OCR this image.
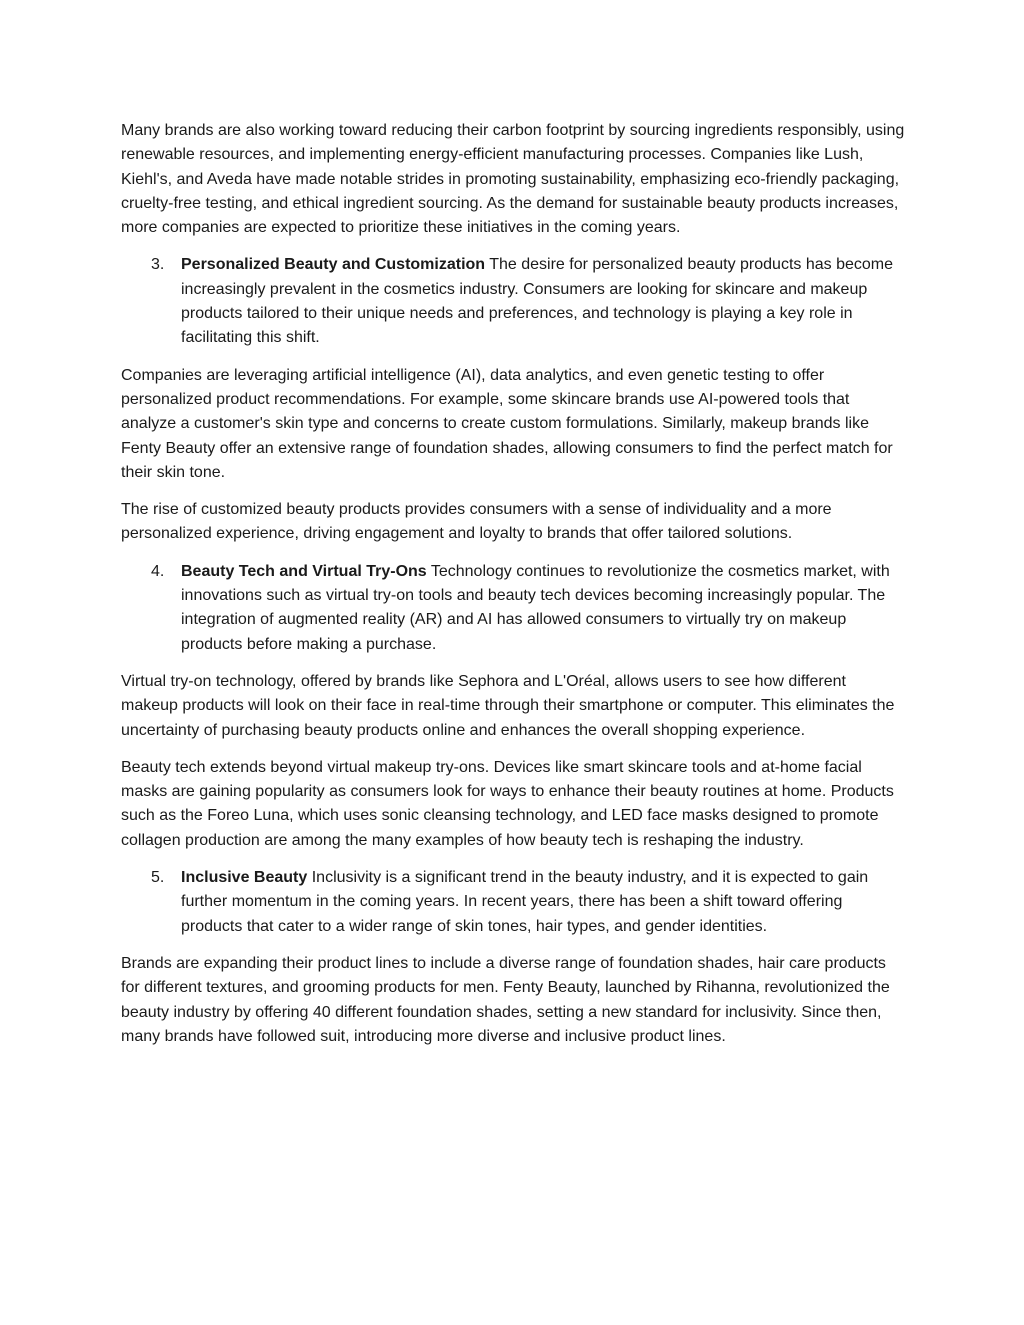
Many brands are also working toward reducing their carbon footprint by sourcing ingredients responsibly, using renewable resources, and implementing energy-efficient manufacturing processes. Companies like Lush, Kiehl's, and Aveda have made notable strides in promoting sustainability, emphasizing eco-friendly packaging, cruelty-free testing, and ethical ingredient sourcing. As the demand for sustainable beauty products increases, more companies are expected to prioritize these initiatives in the coming years.

3. Personalized Beauty and Customization The desire for personalized beauty products has become increasingly prevalent in the cosmetics industry. Consumers are looking for skincare and makeup products tailored to their unique needs and preferences, and technology is playing a key role in facilitating this shift.

Companies are leveraging artificial intelligence (AI), data analytics, and even genetic testing to offer personalized product recommendations. For example, some skincare brands use AI-powered tools that analyze a customer's skin type and concerns to create custom formulations. Similarly, makeup brands like Fenty Beauty offer an extensive range of foundation shades, allowing consumers to find the perfect match for their skin tone.

The rise of customized beauty products provides consumers with a sense of individuality and a more personalized experience, driving engagement and loyalty to brands that offer tailored solutions.

4. Beauty Tech and Virtual Try-Ons Technology continues to revolutionize the cosmetics market, with innovations such as virtual try-on tools and beauty tech devices becoming increasingly popular. The integration of augmented reality (AR) and AI has allowed consumers to virtually try on makeup products before making a purchase.

Virtual try-on technology, offered by brands like Sephora and L'Oréal, allows users to see how different makeup products will look on their face in real-time through their smartphone or computer. This eliminates the uncertainty of purchasing beauty products online and enhances the overall shopping experience.

Beauty tech extends beyond virtual makeup try-ons. Devices like smart skincare tools and at-home facial masks are gaining popularity as consumers look for ways to enhance their beauty routines at home. Products such as the Foreo Luna, which uses sonic cleansing technology, and LED face masks designed to promote collagen production are among the many examples of how beauty tech is reshaping the industry.

5. Inclusive Beauty Inclusivity is a significant trend in the beauty industry, and it is expected to gain further momentum in the coming years. In recent years, there has been a shift toward offering products that cater to a wider range of skin tones, hair types, and gender identities.

Brands are expanding their product lines to include a diverse range of foundation shades, hair care products for different textures, and grooming products for men. Fenty Beauty, launched by Rihanna, revolutionized the beauty industry by offering 40 different foundation shades, setting a new standard for inclusivity. Since then, many brands have followed suit, introducing more diverse and inclusive product lines.
